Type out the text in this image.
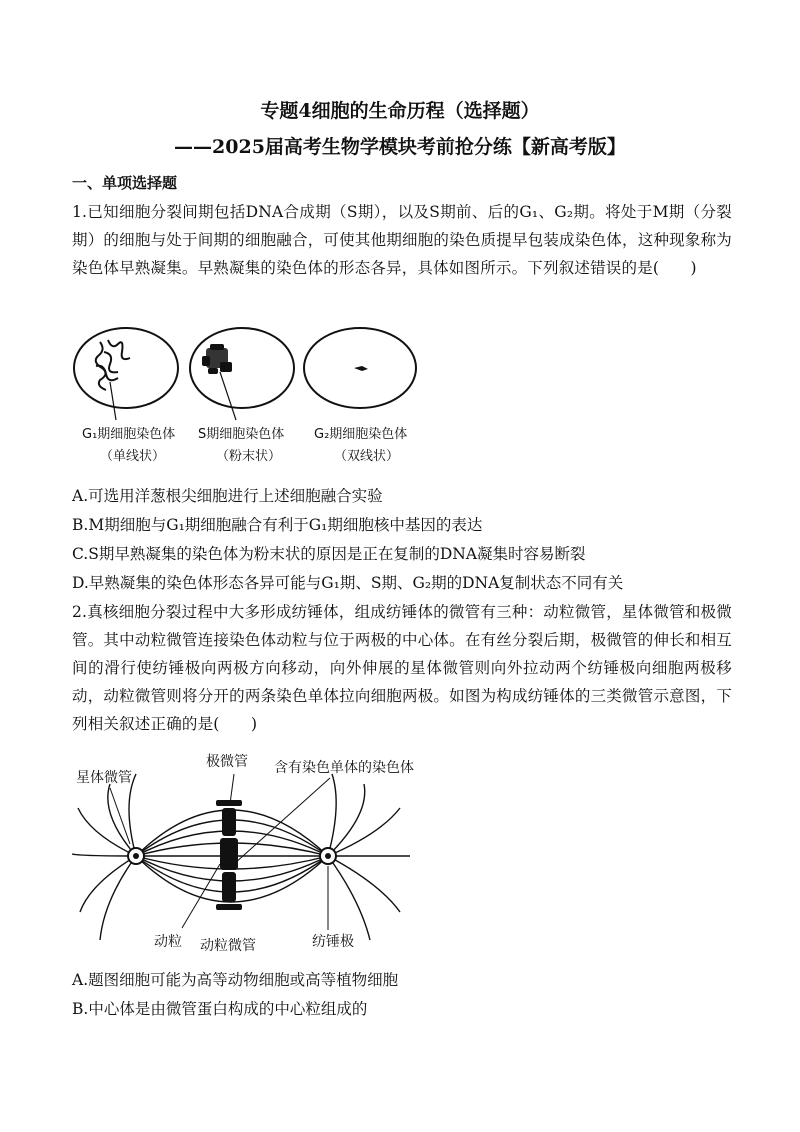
专题4细胞的生命历程（选择题）
——2025届高考生物学模块考前抢分练【新高考版】
一、单项选择题

1.已知细胞分裂间期包括DNA合成期（S期），以及S期前、后的G₁、G₂期。将处于M期（分裂期）的细胞与处于间期的细胞融合，可使其他期细胞的染色质提早包装成染色体，这种现象称为染色体早熟凝集。早熟凝集的染色体的形态各异，具体如图所示。下列叙述错误的是(　　)

G₁期细胞染色体
（单线状）
S期细胞染色体
（粉末状）
G₂期细胞染色体
（双线状）
A.可选用洋葱根尖细胞进行上述细胞融合实验
B.M期细胞与G₁期细胞融合有利于G₁期细胞核中基因的表达
C.S期早熟凝集的染色体为粉末状的原因是正在复制的DNA凝集时容易断裂
D.早熟凝集的染色体形态各异可能与G₁期、S期、G₂期的DNA复制状态不同有关

2.真核细胞分裂过程中大多形成纺锤体，组成纺锤体的微管有三种：动粒微管，星体微管和极微管。其中动粒微管连接染色体动粒与位于两极的中心体。在有丝分裂后期，极微管的伸长和相互间的滑行使纺锤极向两极方向移动，向外伸展的星体微管则向外拉动两个纺锤极向细胞两极移动，动粒微管则将分开的两条染色单体拉向细胞两极。如图为构成纺锤体的三类微管示意图，下列相关叙述正确的是(　　)

星体微管
极微管 含有染色单体的染色体
动粒 动粒微管	纺锤极
A.题图细胞可能为高等动物细胞或高等植物细胞
B.中心体是由微管蛋白构成的中心粒组成的
